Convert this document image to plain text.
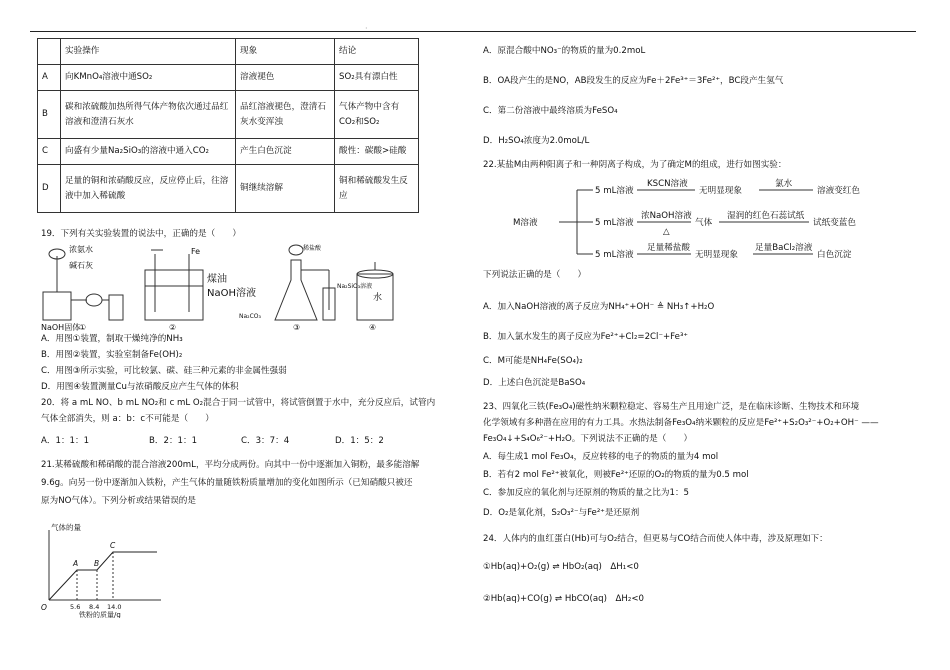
·
	实验操作	现象	结论
A	向KMnO₄溶液中通SO₂	溶液褪色	SO₂具有漂白性
B	碳和浓硫酸加热所得气体产物依次通过品红溶液和澄清石灰水	品红溶液褪色，澄清石灰水变浑浊	气体产物中含有CO₂和SO₂
C	向盛有少量Na₂SiO₃的溶液中通入CO₂	产生白色沉淀	酸性：碳酸>硅酸
D	足量的铜和浓硝酸反应，反应停止后，往溶液中加入稀硫酸	铜继续溶解	铜和稀硫酸发生反应
19．下列有关实验装置的说法中，正确的是（　　）
浓氨水
碱石灰
NaOH固体
①
Fe
煤油
NaOH溶液
②
稀盐酸
Na₂SiO₃溶液
Na₂CO₃
③
水
④
A．用图①装置，制取干燥纯净的NH₃
B．用图②装置，实验室制备Fe(OH)₂
C．用图③所示实验，可比较氯、碳、硅三种元素的非金属性强弱
D．用图④装置测量Cu与浓硝酸反应产生气体的体积
20．将 a mL NO、b mL NO₂和 c mL O₂混合于同一试管中，将试管倒置于水中，充分反应后，试管内
气体全部消失，则 a：b：c不可能是（　　）
A．1：1：1	B．2：1：1	C．3：7：4	D．1：5：2
21.某稀硫酸和稀硝酸的混合溶液200mL，平均分成两份。向其中一份中逐渐加入铜粉，最多能溶解
9.6g。向另一份中逐渐加入铁粉，产生气体的量随铁粉质量增加的变化如图所示（已知硝酸只被还
原为NO气体）。下列分析或结果错误的是
气体的量
O
A B
C
5.6 8.4 14.0
铁粉的质量/g
A．原混合酸中NO₃⁻的物质的量为0.2moL
B．OA段产生的是NO，AB段发生的反应为Fe＋2Fe³⁺＝3Fe²⁺，BC段产生氢气
C．第二份溶液中最终溶质为FeSO₄
D．H₂SO₄浓度为2.0moL/L
22.某盐M由两种阳离子和一种阴离子构成，为了确定M的组成，进行如图实验：
M溶液
5 mL溶液
KSCN溶液
无明显现象
氯水
溶液变红色
5 mL溶液
浓NaOH溶液
△
气体
湿润的红色石蕊试纸
试纸变蓝色
5 mL溶液
足量稀盐酸
无明显现象
足量BaCl₂溶液
白色沉淀
下列说法正确的是（　　）
A．加入NaOH溶液的离子反应为NH₄⁺+OH⁻ ≜ NH₃↑+H₂O
B．加入氯水发生的离子反应为Fe²⁺+Cl₂=2Cl⁻+Fe³⁺
C．M可能是NH₄Fe(SO₄)₂
D．上述白色沉淀是BaSO₄
23、四氧化三铁(Fe₃O₄)磁性纳米颗粒稳定、容易生产且用途广泛，是在临床诊断、生物技术和环境
化学领域有多种潜在应用的有力工具。水热法制备Fe₃O₄纳米颗粒的反应是Fe²⁺+S₂O₃²⁻+O₂+OH⁻ ——
Fe₃O₄↓+S₄O₆²⁻+H₂O。下列说法不正确的是（　　）
A．每生成1 mol Fe₃O₄，反应转移的电子的物质的量为4 mol
B．若有2 mol Fe²⁺被氧化，则被Fe²⁺还原的O₂的物质的量为0.5 mol
C．参加反应的氧化剂与还原剂的物质的量之比为1：5
D．O₂是氧化剂，S₂O₃²⁻与Fe²⁺是还原剂
24．人体内的血红蛋白(Hb)可与O₂结合，但更易与CO结合而使人体中毒，涉及原理如下：
①Hb(aq)+O₂(g) ⇌ HbO₂(aq)　ΔH₁<0
②Hb(aq)+CO(g) ⇌ HbCO(aq)　ΔH₂<0
